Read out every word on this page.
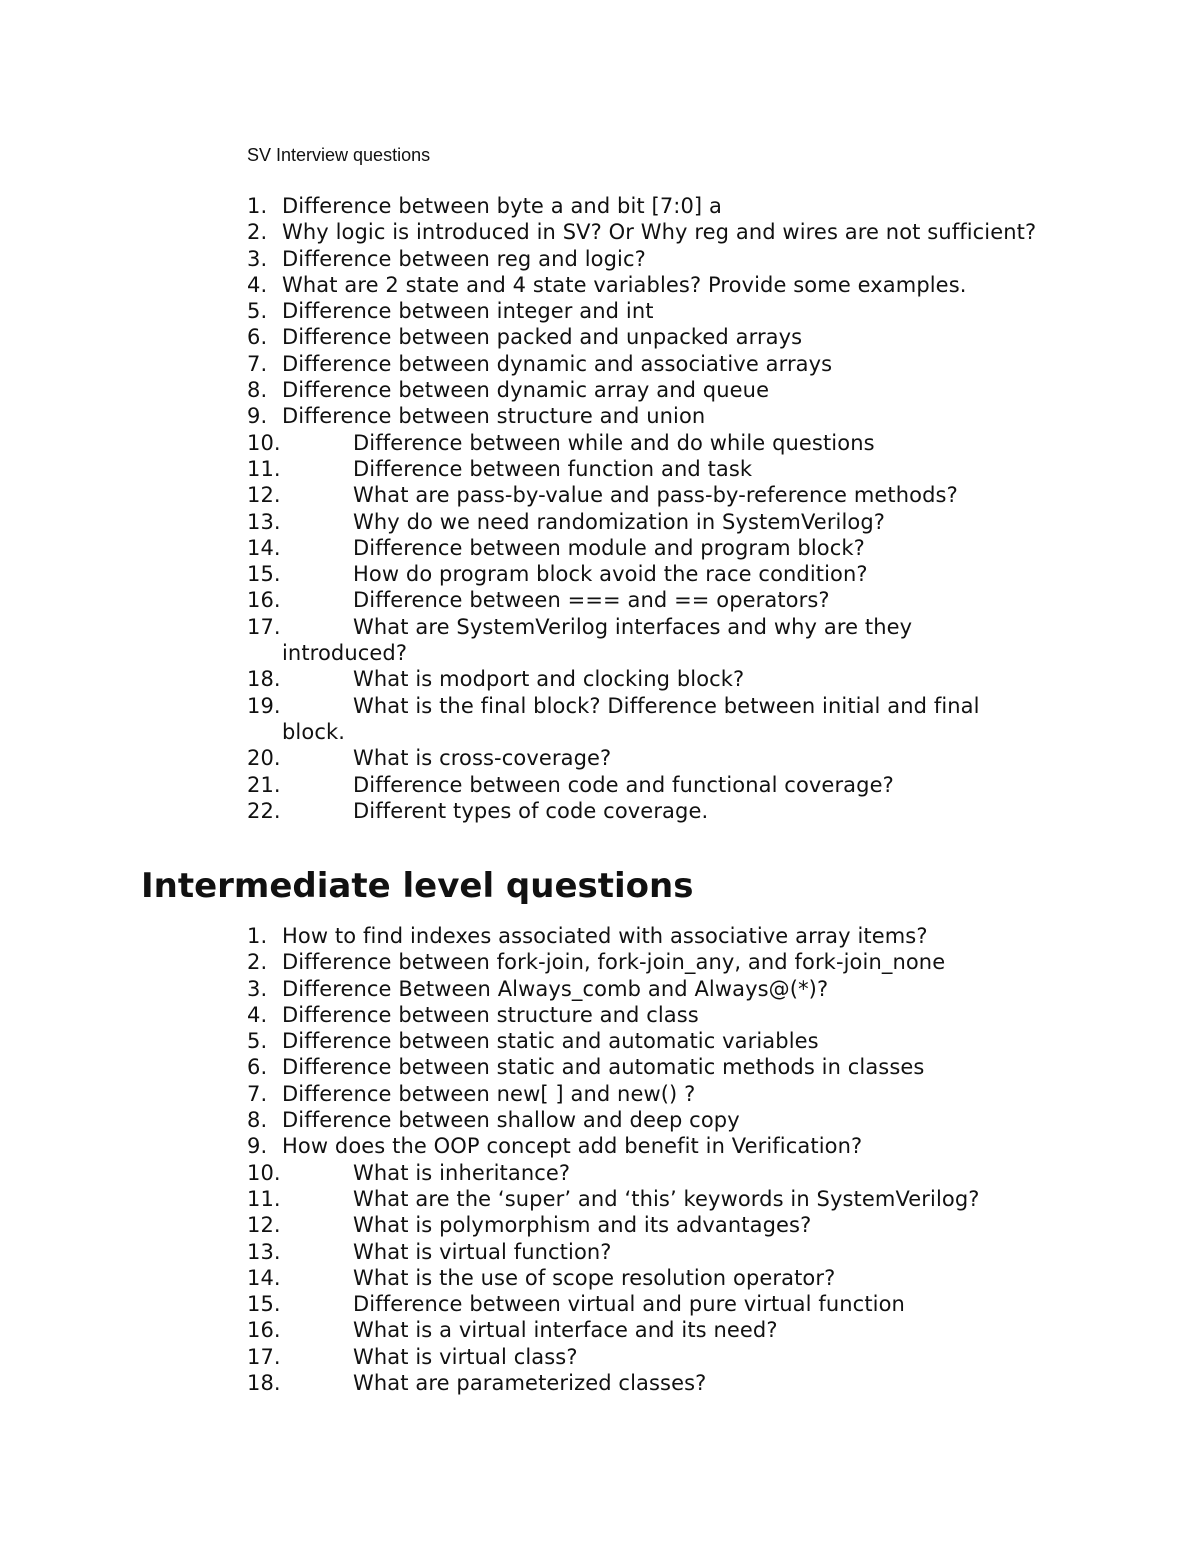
SV Interview questions
1. Difference between byte a and bit [7:0] a
2. Why logic is introduced in SV? Or Why reg and wires are not sufficient?
3. Difference between reg and logic?
4. What are 2 state and 4 state variables? Provide some examples.
5. Difference between integer and int
6. Difference between packed and unpacked arrays
7. Difference between dynamic and associative arrays
8. Difference between dynamic array and queue
9. Difference between structure and union
10.	Difference between while and do while questions
11.	Difference between function and task
12.	What are pass-by-value and pass-by-reference methods?
13.	Why do we need randomization in SystemVerilog?
14.	Difference between module and program block?
15.	How do program block avoid the race condition?
16.	Difference between === and == operators?
17.	What are SystemVerilog interfaces and why are they introduced?
18.	What is modport and clocking block?
19.	What is the final block? Difference between initial and final block.
20.	What is cross-coverage?
21.	Difference between code and functional coverage?
22.	Different types of code coverage.
Intermediate level questions
1. How to find indexes associated with associative array items?
2. Difference between fork-join, fork-join_any, and fork-join_none
3. Difference Between Always_comb and Always@(*)?
4. Difference between structure and class
5. Difference between static and automatic variables
6. Difference between static and automatic methods in classes
7. Difference between new[ ] and new() ?
8. Difference between shallow and deep copy
9. How does the OOP concept add benefit in Verification?
10.	What is inheritance?
11.	What are the ‘super’ and ‘this’ keywords in SystemVerilog?
12.	What is polymorphism and its advantages?
13.	What is virtual function?
14.	What is the use of scope resolution operator?
15.	Difference between virtual and pure virtual function
16.	What is a virtual interface and its need?
17.	What is virtual class?
18.	What are parameterized classes?
